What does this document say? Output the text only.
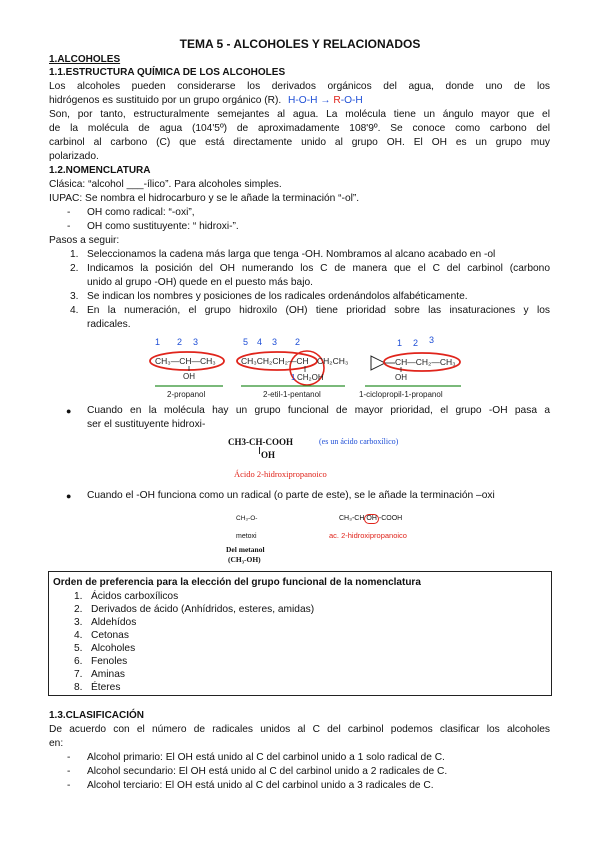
TEMA 5 - ALCOHOLES Y RELACIONADOS
1.ALCOHOLES
1.1.ESTRUCTURA QUÍMICA DE LOS ALCOHOLES
Los alcoholes pueden considerarse los derivados orgánicos del agua, donde uno de los
hidrógenos es sustituido por un grupo orgánico (R). H-O-H → R-O-H
Son, por tanto, estructuralmente semejantes al agua. La molécula tiene un ángulo mayor que el
de la molécula de agua (104'5º) de aproximadamente 108'9º. Se conoce como carbono del
carbinol al carbono (C) que está directamente unido al grupo OH. El OH es un grupo muy
polarizado.
1.2.NOMENCLATURA
Clásica: “alcohol ___-ílico”. Para alcoholes simples.
IUPAC: Se nombra el hidrocarburo y se le añade la terminación “-ol”.
- OH como radical: “-oxi”,
- OH como sustituyente: “ hidroxi-”.
Pasos a seguir:
1. Seleccionamos la cadena más larga que tenga -OH. Nombramos al alcano acabado en -ol
2. Indicamos la posición del OH numerando los C de manera que el C del carbinol (carbono
unido al grupo -OH) quede en el puesto más bajo.
3. Se indican los nombres y posiciones de los radicales ordenándolos alfabéticamente.
4. En la numeración, el grupo hidroxilo (OH) tiene prioridad sobre las insaturaciones y los
radicales.
1 2 3
CH₃—CH—CH₃
OH
2-propanol
5 4 3 2
CH₃CH₂CH₂—CH CH₂CH₃
1 CH₂OH
2-etil-1-pentanol
1 2 3
CH—CH₂—CH₃
OH
1-ciclopropil-1-propanol
● Cuando en la molécula hay un grupo funcional de mayor prioridad, el grupo -OH pasa a
ser el sustituyente hidroxi-
CH3-CH-COOH	(es un ácido carboxílico)
OH
Ácido 2-hidroxipropanoico
● Cuando el -OH funciona como un radical (o parte de este), se le añade la terminación –oxi
CH₃-O-
metoxi
Del metanol
(CH₃-OH)
CH₃-CH OH -COOH
ac. 2-hidroxipropanoico
Orden de preferencia para la elección del grupo funcional de la nomenclatura
1. Ácidos carboxílicos
2. Derivados de ácido (Anhídridos, esteres, amidas)
3. Aldehídos
4. Cetonas
5. Alcoholes
6. Fenoles
7. Aminas
8. Éteres
1.3.CLASIFICACIÓN
De acuerdo con el número de radicales unidos al C del carbinol podemos clasificar los alcoholes
en:
- Alcohol primario: El OH está unido al C del carbinol unido a 1 solo radical de C.
- Alcohol secundario: El OH está unido al C del carbinol unido a 2 radicales de C.
- Alcohol terciario: El OH está unido al C del carbinol unido a 3 radicales de C.
